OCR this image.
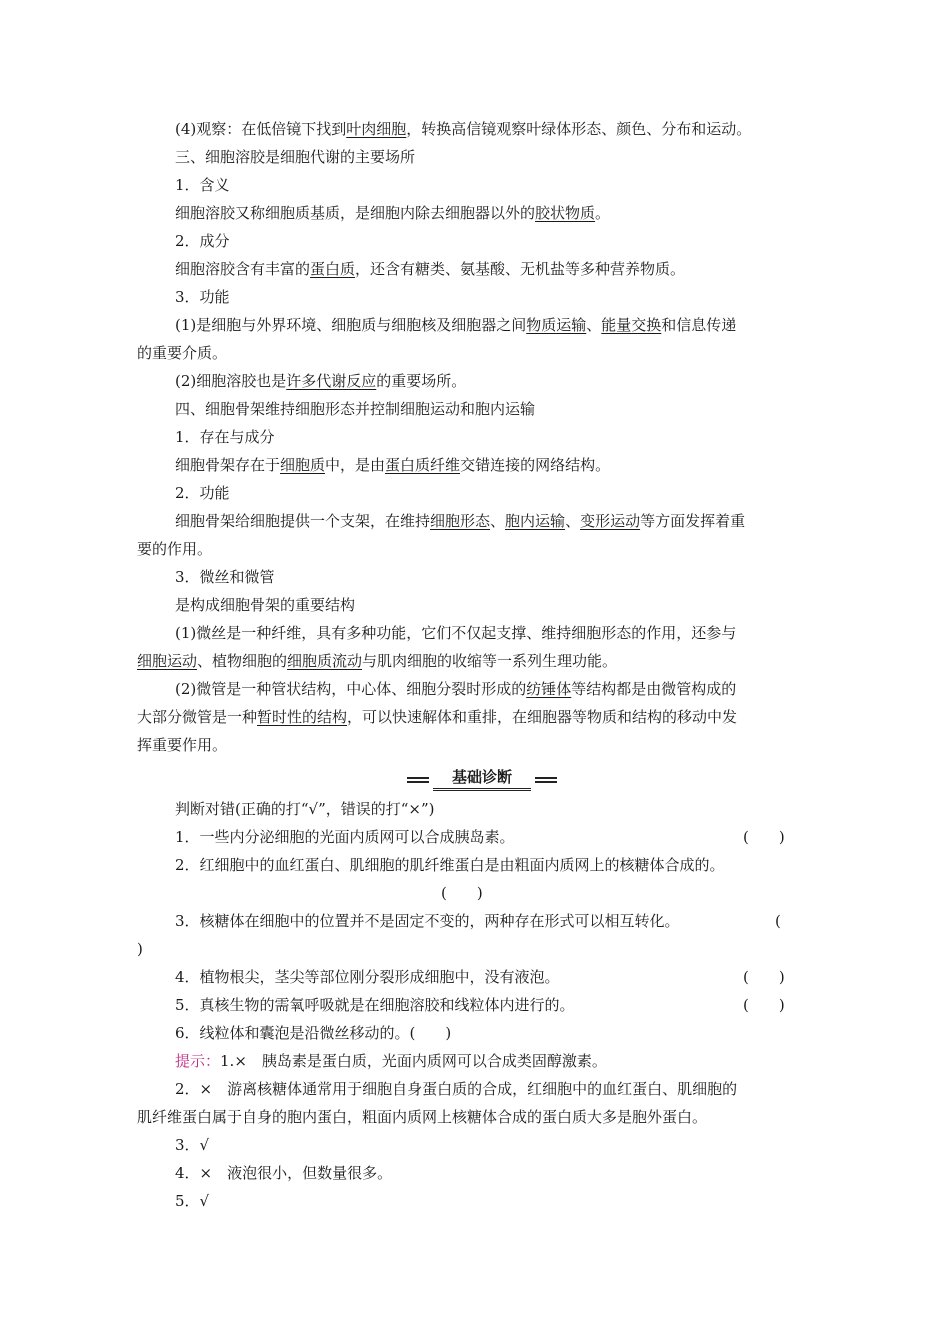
(4)观察：在低倍镜下找到叶肉细胞，转换高信镜观察叶绿体形态、颜色、分布和运动。
三、细胞溶胶是细胞代谢的主要场所
1．含义
细胞溶胶又称细胞质基质，是细胞内除去细胞器以外的胶状物质。
2．成分
细胞溶胶含有丰富的蛋白质，还含有糖类、氨基酸、无机盐等多种营养物质。
3．功能
(1)是细胞与外界环境、细胞质与细胞核及细胞器之间物质运输、能量交换和信息传递
的重要介质。
(2)细胞溶胶也是许多代谢反应的重要场所。
四、细胞骨架维持细胞形态并控制细胞运动和胞内运输
1．存在与成分
细胞骨架存在于细胞质中，是由蛋白质纤维交错连接的网络结构。
2．功能
细胞骨架给细胞提供一个支架，在维持细胞形态、胞内运输、变形运动等方面发挥着重
要的作用。
3．微丝和微管
是构成细胞骨架的重要结构
(1)微丝是一种纤维，具有多种功能，它们不仅起支撑、维持细胞形态的作用，还参与
细胞运动、植物细胞的细胞质流动与肌肉细胞的收缩等一系列生理功能。
(2)微管是一种管状结构，中心体、细胞分裂时形成的纺锤体等结构都是由微管构成的
大部分微管是一种暂时性的结构，可以快速解体和重排，在细胞器等物质和结构的移动中发
挥重要作用。
基础诊断
判断对错(正确的打“√”，错误的打“×”)
1．一些内分泌细胞的光面内质网可以合成胰岛素。	(　　)
2．红细胞中的血红蛋白、肌细胞的肌纤维蛋白是由粗面内质网上的核糖体合成的。
(　　)
3．核糖体在细胞中的位置并不是固定不变的，两种存在形式可以相互转化。	(
)
4．植物根尖，茎尖等部位刚分裂形成细胞中，没有液泡。	(　　)
5．真核生物的需氧呼吸就是在细胞溶胶和线粒体内进行的。	(　　)
6．线粒体和囊泡是沿微丝移动的。(　　)
提示：1.×　胰岛素是蛋白质，光面内质网可以合成类固醇激素。
2．×　游离核糖体通常用于细胞自身蛋白质的合成，红细胞中的血红蛋白、肌细胞的
肌纤维蛋白属于自身的胞内蛋白，粗面内质网上核糖体合成的蛋白质大多是胞外蛋白。
3．√
4．×　液泡很小，但数量很多。
5．√
